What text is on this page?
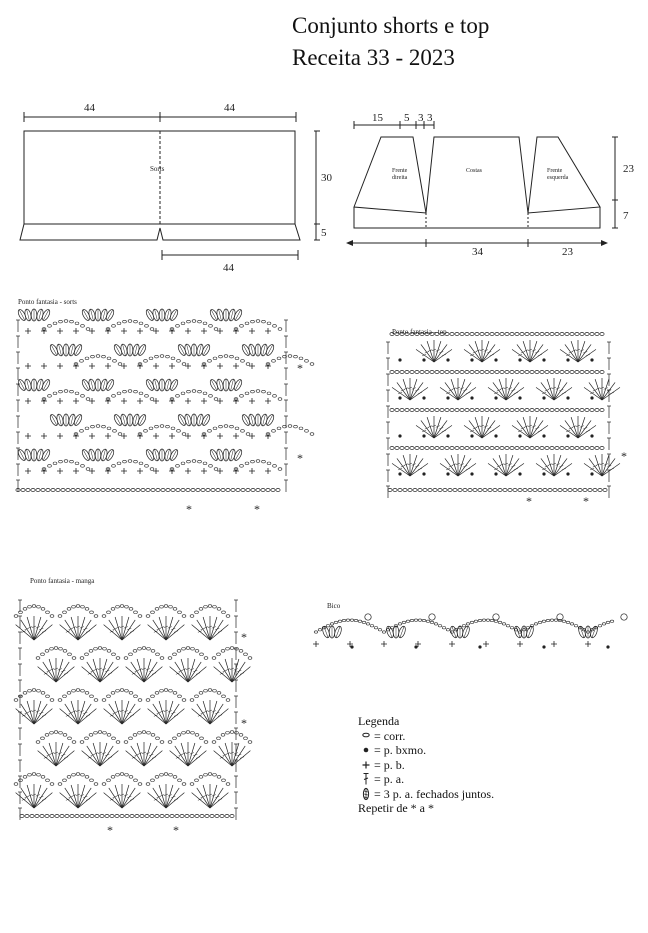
Conjunto shorts e top
Receita 33 - 2023
44	44
30
5
44
Sorts
15 5 3 3
23
7
34	23
Frente
direita
Costas	Frente
esquerda
Ponto fantasia - sorts
Ponto fantasia - top
Ponto fantasia - manga
Bico
*
*
*	*
*
*	*
*
*
*	*
Legenda
= corr.
= p. bxmo.
= p. b.
= p. a.
= 3 p. a. fechados juntos.
Repetir de * a *
